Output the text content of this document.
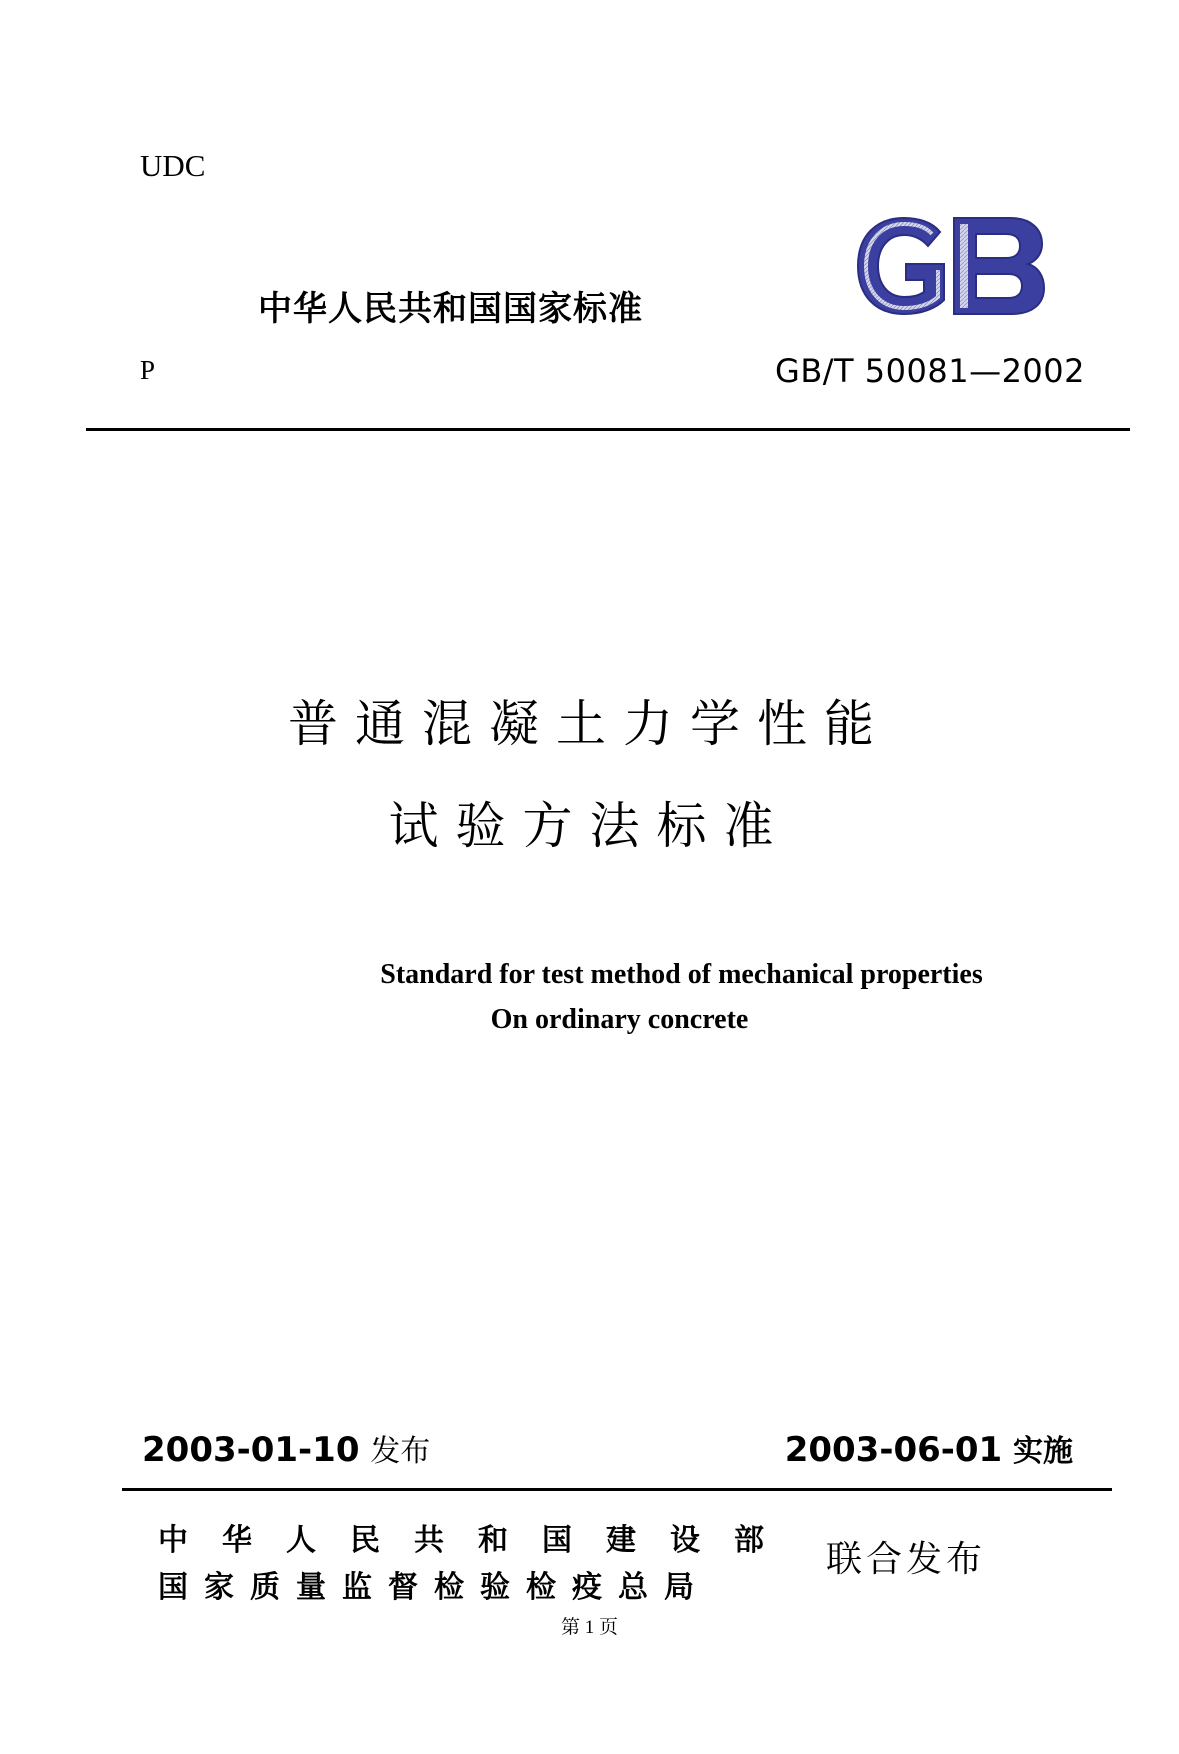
UDC
中华人民共和国国家标准
P	GB/T 50081—2002
普通混凝土力学性能
试验方法标准
Standard for test method of mechanical properties
On ordinary concrete
2003-01-10 发布	2003-06-01 实施
中华人民共和国建设部
国家质量监督检验检疫总局
联合发布
第 1 页
